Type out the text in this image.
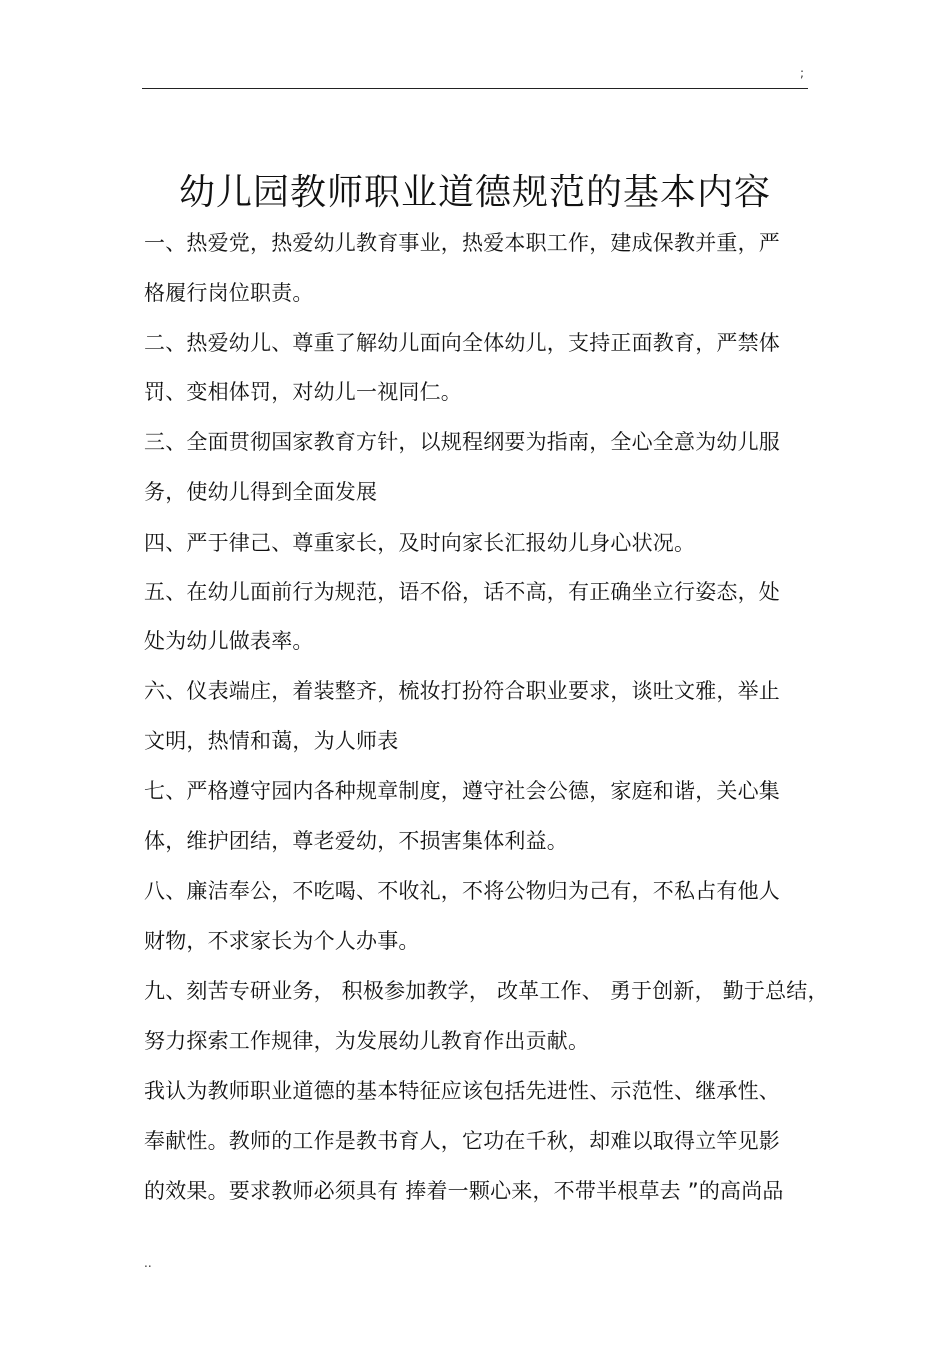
;
幼儿园教师职业道德规范的基本内容
一、热爱党，热爱幼儿教育事业，热爱本职工作，建成保教并重，严
格履行岗位职责。
二、热爱幼儿、尊重了解幼儿面向全体幼儿，支持正面教育，严禁体
罚、变相体罚，对幼儿一视同仁。
三、全面贯彻国家教育方针，以规程纲要为指南，全心全意为幼儿服
务，使幼儿得到全面发展
四、严于律己、尊重家长，及时向家长汇报幼儿身心状况。
五、在幼儿面前行为规范，语不俗，话不高，有正确坐立行姿态，处
处为幼儿做表率。
六、仪表端庄，着装整齐，梳妆打扮符合职业要求，谈吐文雅，举止
文明，热情和蔼，为人师表
七、严格遵守园内各种规章制度，遵守社会公德，家庭和谐，关心集
体，维护团结，尊老爱幼，不损害集体利益。
八、廉洁奉公，不吃喝、不收礼，不将公物归为己有，不私占有他人
财物，不求家长为个人办事。
九、刻苦专研业务， 积极参加教学， 改革工作、 勇于创新， 勤于总结，
努力探索工作规律，为发展幼儿教育作出贡献。
我认为教师职业道德的基本特征应该包括先进性、示范性、继承性、
奉献性。教师的工作是教书育人，它功在千秋，却难以取得立竿见影
的效果。要求教师必须具有 捧着一颗心来，不带半根草去 ”的高尚品
..
